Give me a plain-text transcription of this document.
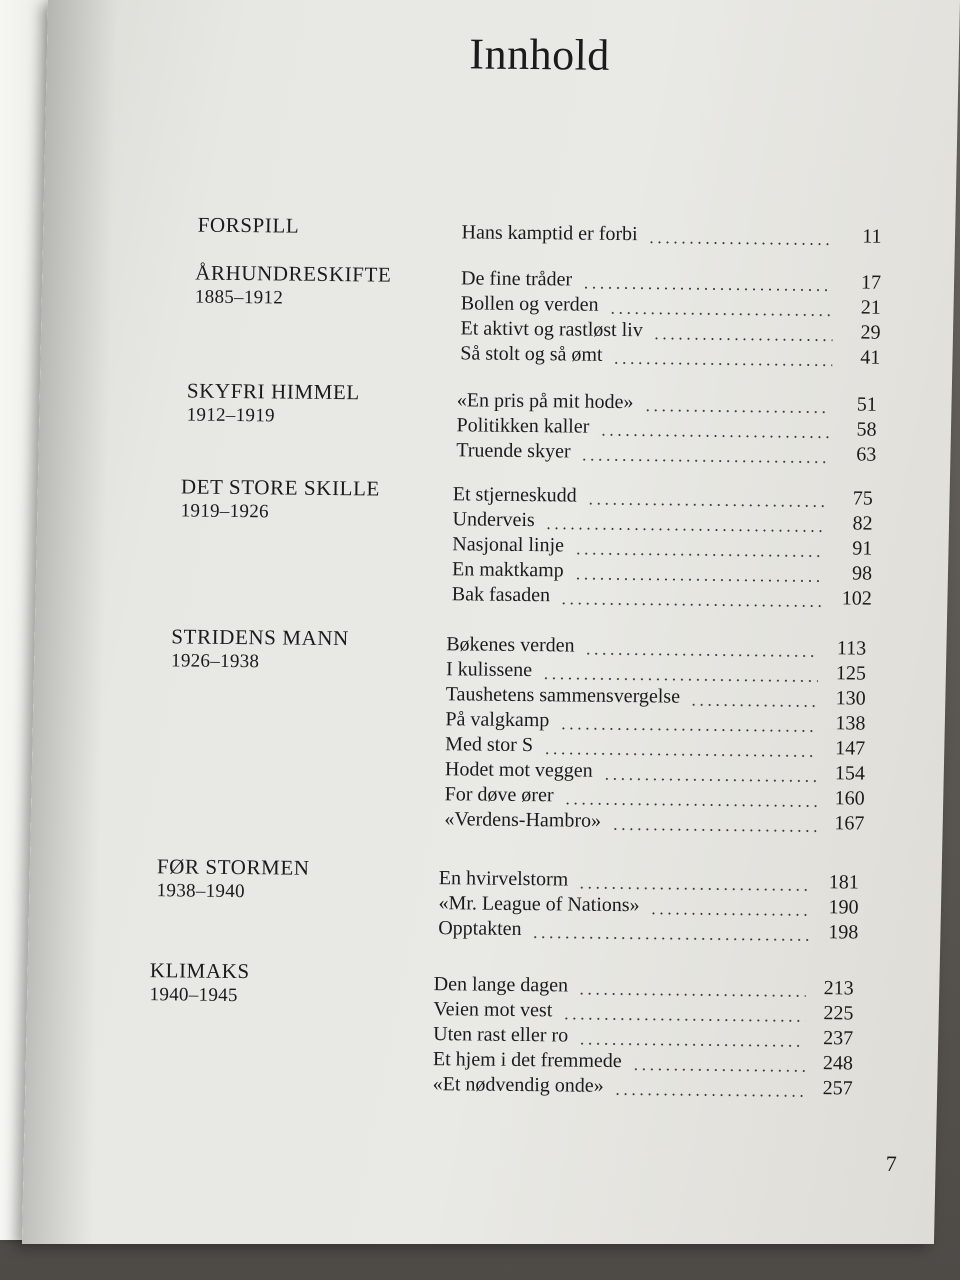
Innhold
FORSPILL	Hans kamptid er forbi	11
ÅRHUNDRESKIFTE
1885–1912
De fine tråder	17
Bollen og verden	21
Et aktivt og rastløst liv	29
Så stolt og så ømt	41
SKYFRI HIMMEL
1912–1919
«En pris på mit hode»	51
Politikken kaller	58
Truende skyer	63
DET STORE SKILLE
1919–1926
Et stjerneskudd	75
Underveis	82
Nasjonal linje	91
En maktkamp	98
Bak fasaden	102
STRIDENS MANN
1926–1938
Bøkenes verden	113
I kulissene	125
Taushetens sammensvergelse	130
På valgkamp	138
Med stor S	147
Hodet mot veggen	154
For døve ører	160
«Verdens-Hambro»	167
FØR STORMEN
1938–1940
En hvirvelstorm	181
«Mr. League of Nations»	190
Opptakten	198
KLIMAKS
1940–1945	Den lange dagen	213
Veien mot vest	225
Uten rast eller ro	237
Et hjem i det fremmede	248
«Et nødvendig onde»	257
7
